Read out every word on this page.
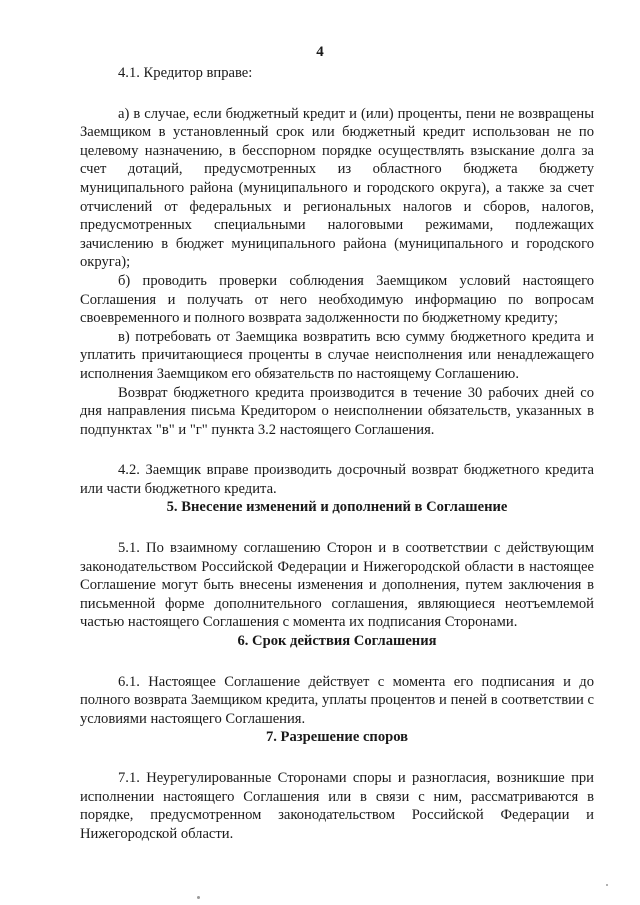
4

4.1. Кредитор вправе:

а) в случае, если бюджетный кредит и (или) проценты, пени не возвращены Заемщиком в установленный срок или бюджетный кредит использован не по целевому назначению, в бесспорном порядке осуществлять взыскание долга за счет дотаций, предусмотренных из областного бюджета бюджету муниципального района (муниципального и городского округа), а также за счет отчислений от федеральных и региональных налогов и сборов, налогов, предусмотренных специальными налоговыми режимами, подлежащих зачислению в бюджет муниципального района (муниципального и городского округа);

б) проводить проверки соблюдения Заемщиком условий настоящего Соглашения и получать от него необходимую информацию по вопросам своевременного и полного возврата задолженности по бюджетному кредиту;

в) потребовать от Заемщика возвратить всю сумму бюджетного кредита и уплатить причитающиеся проценты в случае неисполнения или ненадлежащего исполнения Заемщиком его обязательств по настоящему Соглашению.

Возврат бюджетного кредита производится в течение 30 рабочих дней со дня направления письма Кредитором о неисполнении обязательств, указанных в подпунктах "в" и "г" пункта 3.2 настоящего Соглашения.

4.2. Заемщик вправе производить досрочный возврат бюджетного кредита или части бюджетного кредита.

5. Внесение изменений и дополнений в Соглашение

5.1. По взаимному соглашению Сторон и в соответствии с действующим законодательством Российской Федерации и Нижегородской области в настоящее Соглашение могут быть внесены изменения и дополнения, путем заключения в письменной форме дополнительного соглашения, являющиеся неотъемлемой частью настоящего Соглашения с момента их подписания Сторонами.

6. Срок действия Соглашения

6.1. Настоящее Соглашение действует с момента его подписания и до полного возврата Заемщиком кредита, уплаты процентов и пеней в соответствии с условиями настоящего Соглашения.

7. Разрешение споров

7.1. Неурегулированные Сторонами споры и разногласия, возникшие при исполнении настоящего Соглашения или в связи с ним, рассматриваются в порядке, предусмотренном законодательством Российской Федерации и Нижегородской области.
